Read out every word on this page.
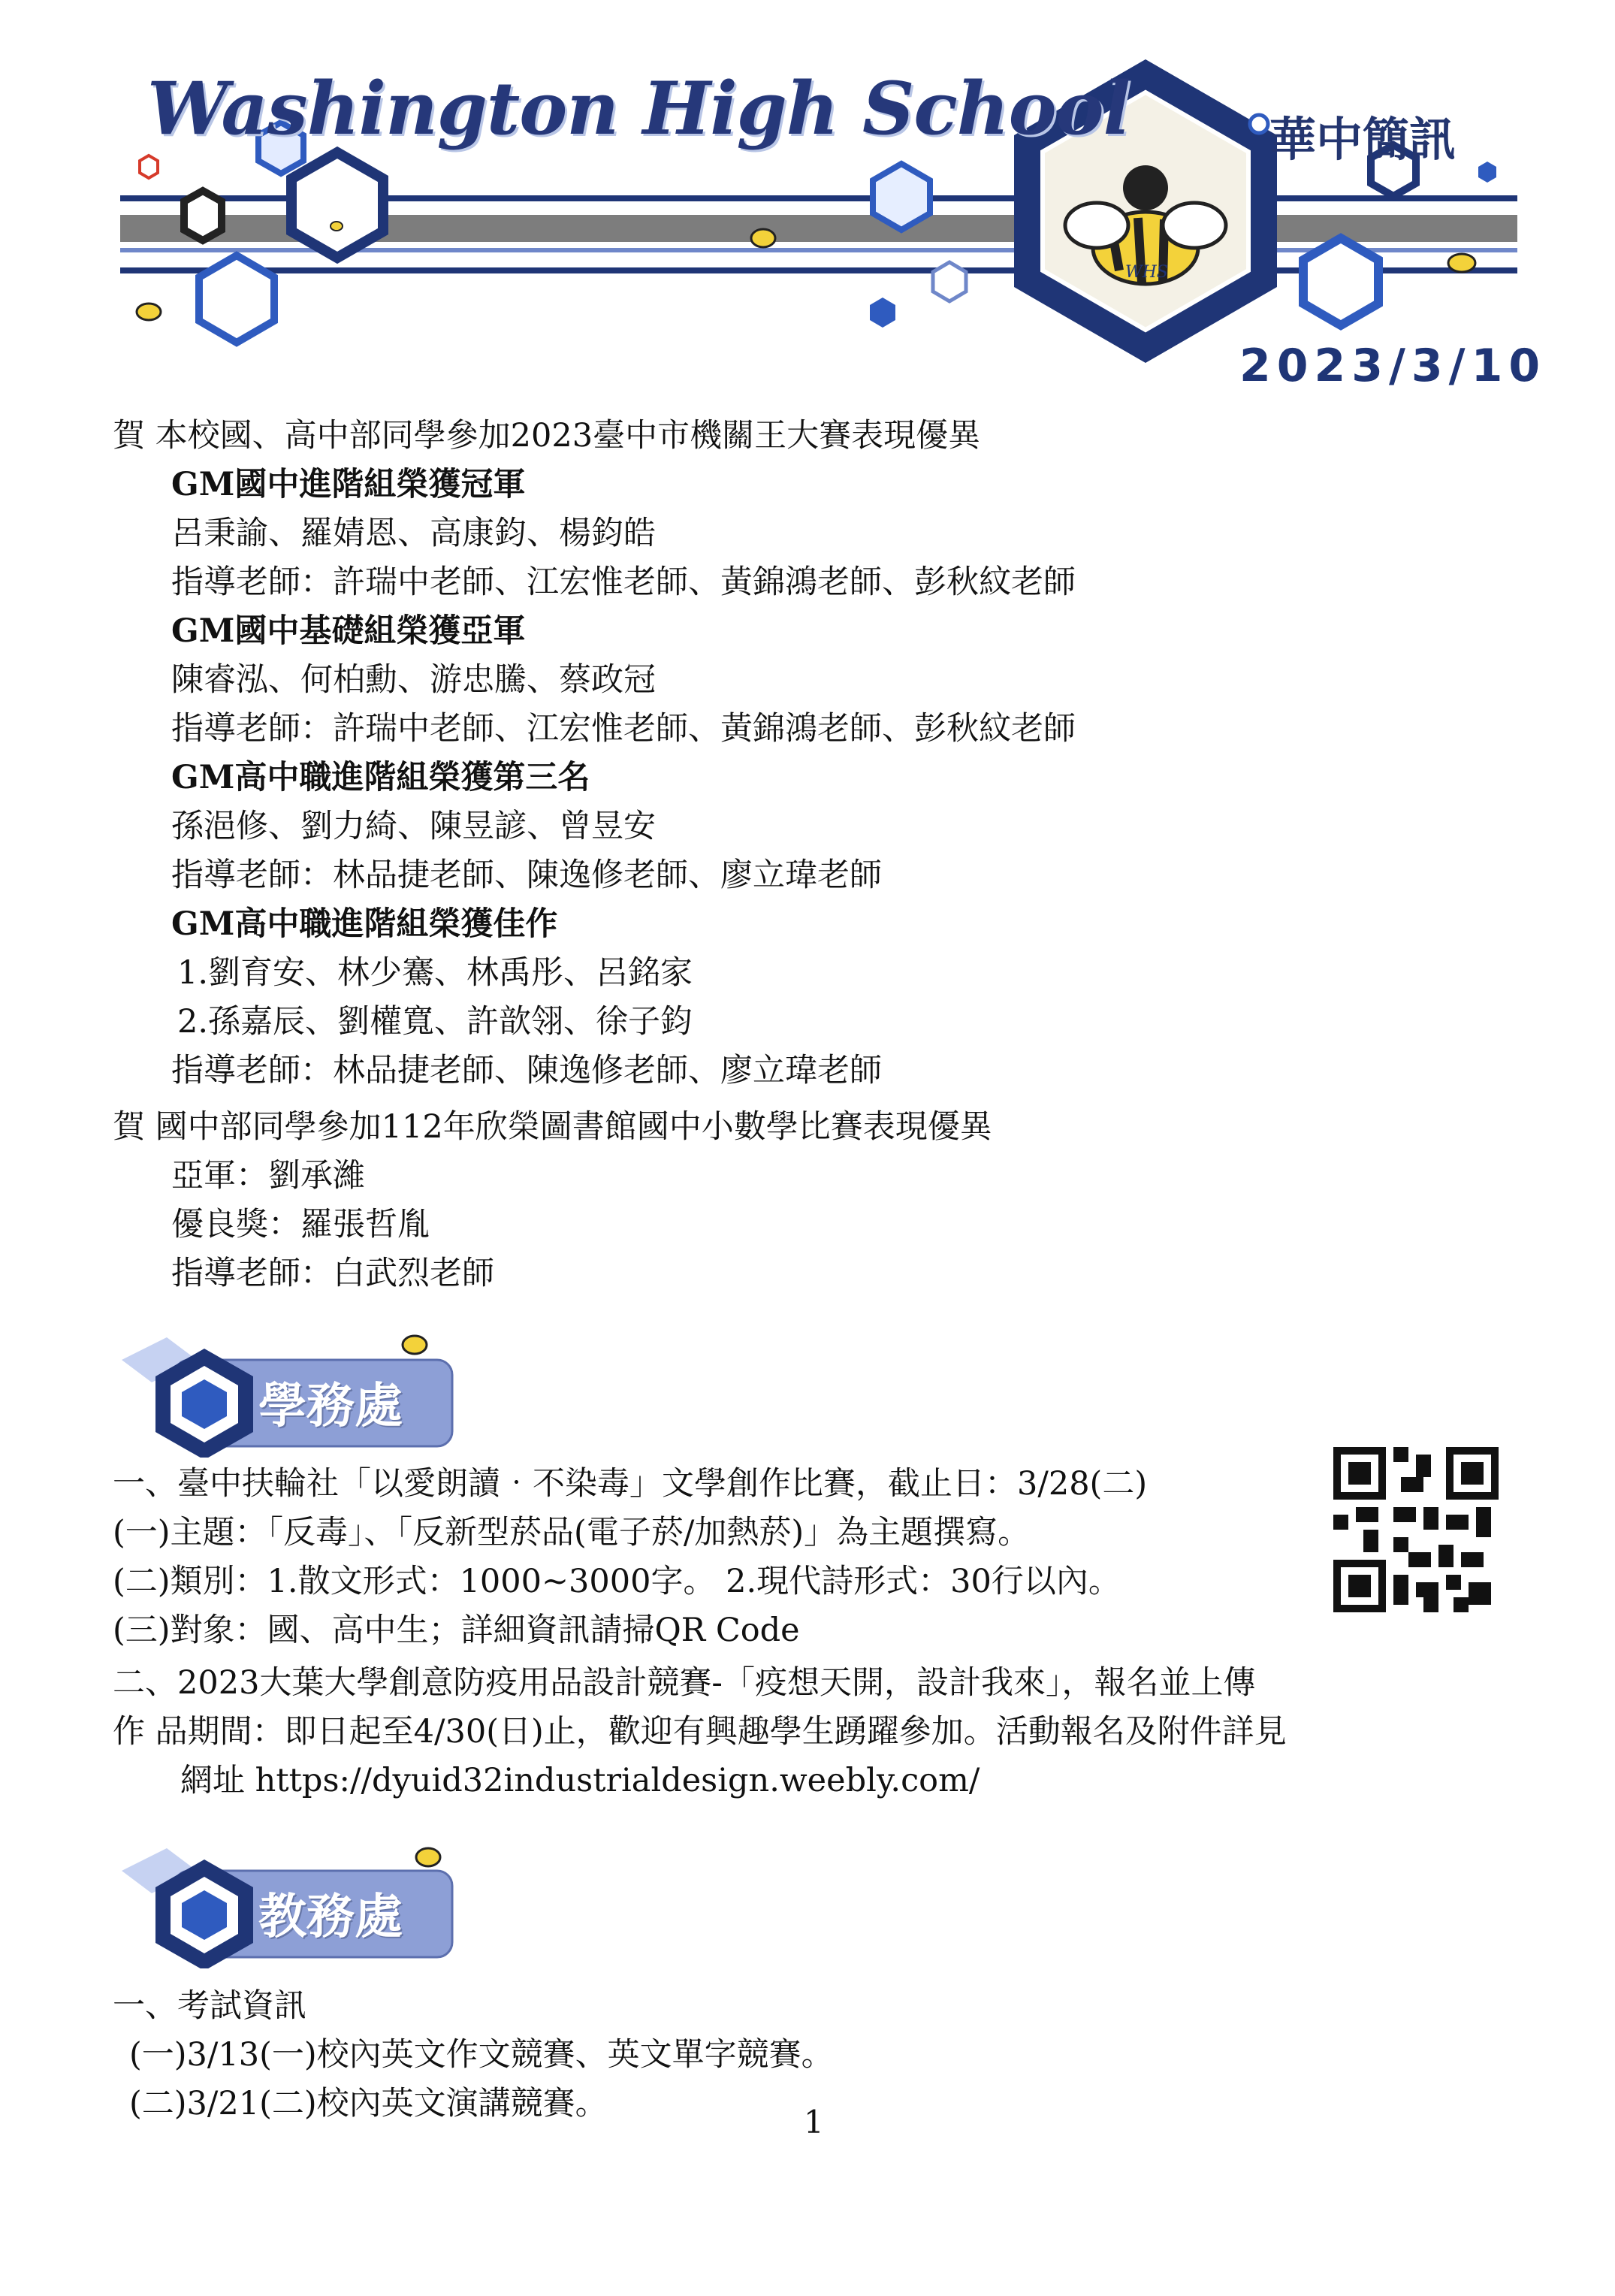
Washington High School
WHS
華中簡訊
2023/3/10
賀 本校國、高中部同學參加2023臺中市機關王大賽表現優異
GM國中進階組榮獲冠軍
呂秉諭、羅婧恩、高康鈞、楊鈞皓
指導老師：許瑞中老師、江宏惟老師、黃錦鴻老師、彭秋紋老師
GM國中基礎組榮獲亞軍
陳睿泓、何柏勳、游忠騰、蔡政冠
指導老師：許瑞中老師、江宏惟老師、黃錦鴻老師、彭秋紋老師
GM高中職進階組榮獲第三名
孫浥修、劉力綺、陳昱諺、曾昱安
指導老師：林品捷老師、陳逸修老師、廖立瑋老師
GM高中職進階組榮獲佳作
1.劉育安、林少騫、林禹彤、呂銘家
2.孫嘉辰、劉權寬、許歆翎、徐子鈞
指導老師：林品捷老師、陳逸修老師、廖立瑋老師
賀 國中部同學參加112年欣榮圖書館國中小數學比賽表現優異
亞軍：劉承濰
優良獎：羅張哲胤
指導老師：白武烈老師
學務處
一、臺中扶輪社「以愛朗讀‧不染毒」文學創作比賽，截止日：3/28(二)
(一)主題：「反毒」、「反新型菸品(電子菸/加熱菸)」為主題撰寫。
(二)類別：1.散文形式：1000~3000字。 2.現代詩形式：30行以內。
(三)對象：國、高中生；詳細資訊請掃QR Code
二、2023大葉大學創意防疫用品設計競賽-「疫想天開，設計我來」，報名並上傳
作 品期間：即日起至4/30(日)止，歡迎有興趣學生踴躍參加。活動報名及附件詳見
網址 https://dyuid32industrialdesign.weebly.com/
教務處
一、考試資訊
(一)3/13(一)校內英文作文競賽、英文單字競賽。
(二)3/21(二)校內英文演講競賽。	1
